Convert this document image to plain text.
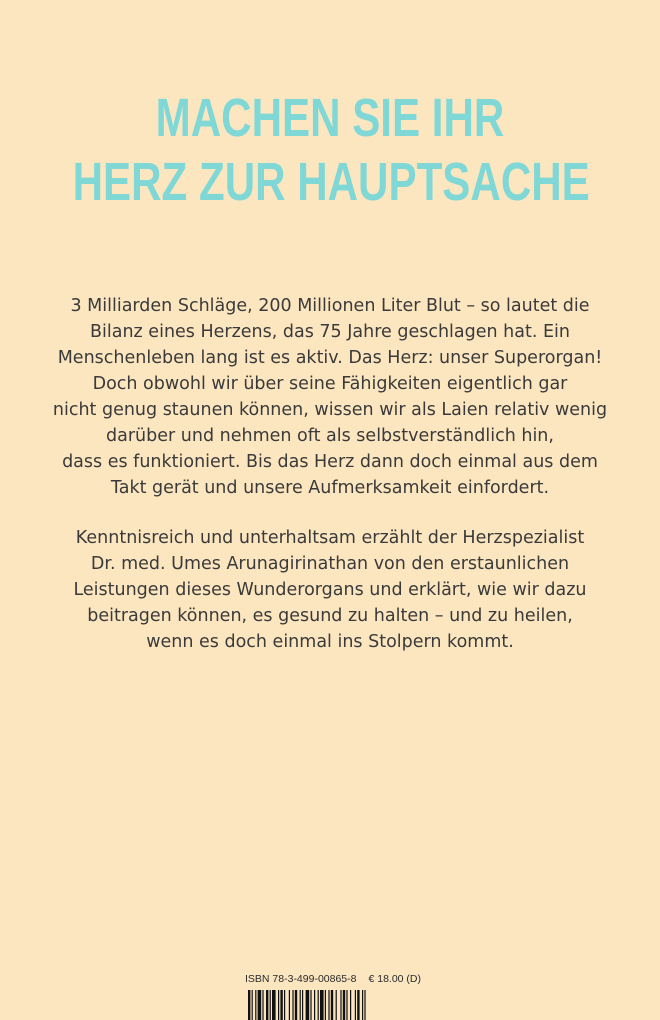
MACHEN SIE IHR
HERZ ZUR HAUPTSACHE
3 Milliarden Schläge, 200 Millionen Liter Blut – so lautet die
Bilanz eines Herzens, das 75 Jahre geschlagen hat. Ein
Menschenleben lang ist es aktiv. Das Herz: unser Superorgan!
Doch obwohl wir über seine Fähigkeiten eigentlich gar
nicht genug staunen können, wissen wir als Laien relativ wenig
darüber und nehmen oft als selbstverständlich hin,
dass es funktioniert. Bis das Herz dann doch einmal aus dem
Takt gerät und unsere Aufmerksamkeit einfordert.
Kenntnisreich und unterhaltsam erzählt der Herzspezialist
Dr. med. Umes Arunagirinathan von den erstaunlichen
Leistungen dieses Wunderorgans und erklärt, wie wir dazu
beitragen können, es gesund zu halten – und zu heilen,
wenn es doch einmal ins Stolpern kommt.
ISBN 78-3-499-00865-8 € 18.00 (D)
